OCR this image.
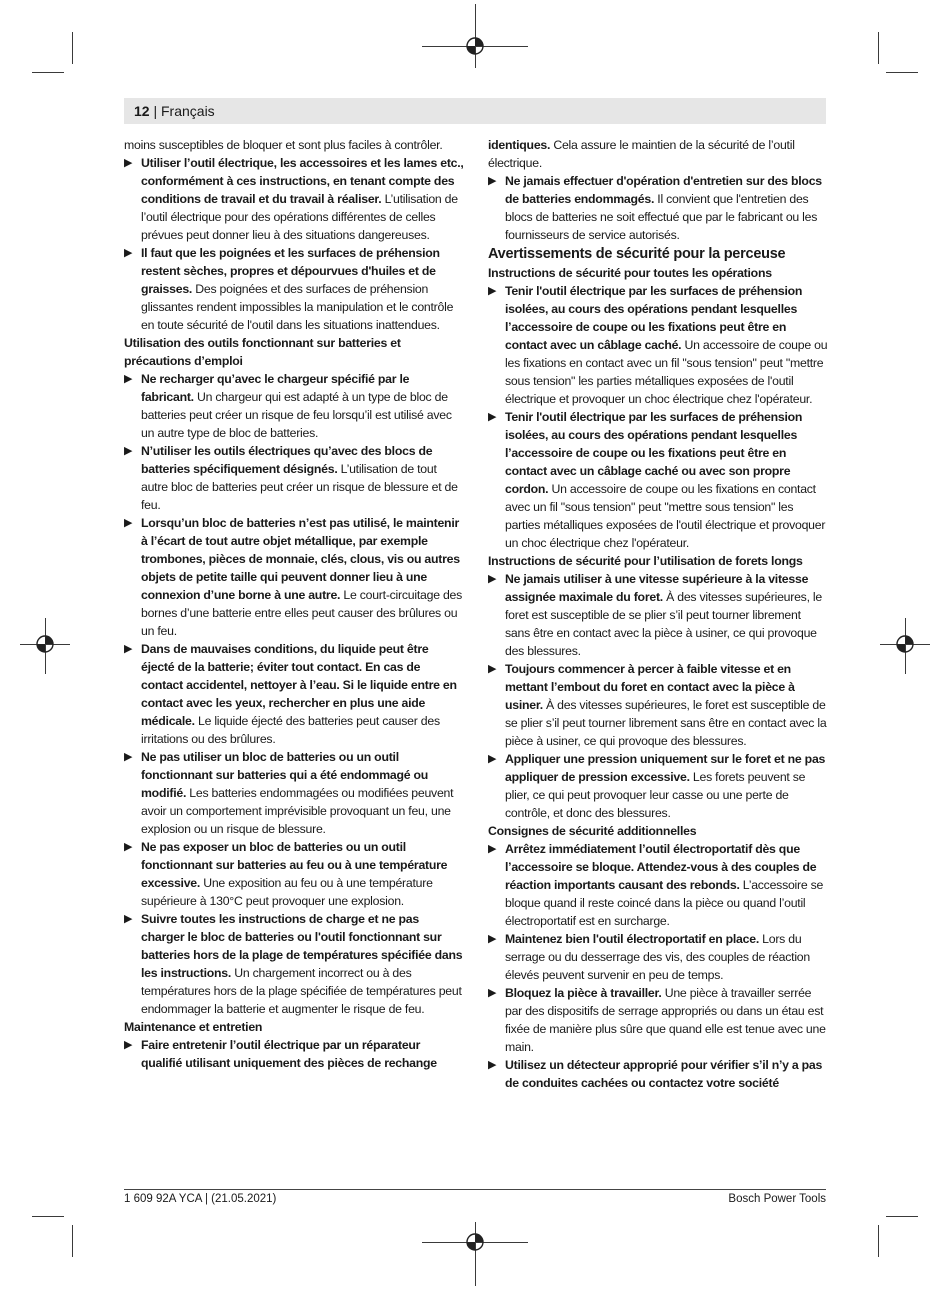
12 | Français

moins susceptibles de bloquer et sont plus faciles à contrôler.

▶ Utiliser l’outil électrique, les accessoires et les lames etc., conformément à ces instructions, en tenant compte des conditions de travail et du travail à réaliser. L’utilisation de l’outil électrique pour des opérations différentes de celles prévues peut donner lieu à des situations dangereuses.

▶ Il faut que les poignées et les surfaces de préhension restent sèches, propres et dépourvues d'huiles et de graisses. Des poignées et des surfaces de préhension glissantes rendent impossibles la manipulation et le contrôle en toute sécurité de l'outil dans les situations inattendues.

Utilisation des outils fonctionnant sur batteries et précautions d’emploi

▶ Ne recharger qu’avec le chargeur spécifié par le fabricant. Un chargeur qui est adapté à un type de bloc de batteries peut créer un risque de feu lorsqu’il est utilisé avec un autre type de bloc de batteries.

▶ N’utiliser les outils électriques qu’avec des blocs de batteries spécifiquement désignés. L’utilisation de tout autre bloc de batteries peut créer un risque de blessure et de feu.

▶ Lorsqu’un bloc de batteries n’est pas utilisé, le maintenir à l’écart de tout autre objet métallique, par exemple trombones, pièces de monnaie, clés, clous, vis ou autres objets de petite taille qui peuvent donner lieu à une connexion d’une borne à une autre. Le court-circuitage des bornes d’une batterie entre elles peut causer des brûlures ou un feu.

▶ Dans de mauvaises conditions, du liquide peut être éjecté de la batterie; éviter tout contact. En cas de contact accidentel, nettoyer à l’eau. Si le liquide entre en contact avec les yeux, rechercher en plus une aide médicale. Le liquide éjecté des batteries peut causer des irritations ou des brûlures.

▶ Ne pas utiliser un bloc de batteries ou un outil fonctionnant sur batteries qui a été endommagé ou modifié. Les batteries endommagées ou modifiées peuvent avoir un comportement imprévisible provoquant un feu, une explosion ou un risque de blessure.

▶ Ne pas exposer un bloc de batteries ou un outil fonctionnant sur batteries au feu ou à une température excessive. Une exposition au feu ou à une température supérieure à 130°C peut provoquer une explosion.

▶ Suivre toutes les instructions de charge et ne pas charger le bloc de batteries ou l'outil fonctionnant sur batteries hors de la plage de températures spécifiée dans les instructions. Un chargement incorrect ou à des températures hors de la plage spécifiée de températures peut endommager la batterie et augmenter le risque de feu.

Maintenance et entretien

▶ Faire entretenir l’outil électrique par un réparateur qualifié utilisant uniquement des pièces de rechange

identiques. Cela assure le maintien de la sécurité de l’outil électrique.

▶ Ne jamais effectuer d'opération d'entretien sur des blocs de batteries endommagés. Il convient que l'entretien des blocs de batteries ne soit effectué que par le fabricant ou les fournisseurs de service autorisés.

Avertissements de sécurité pour la perceuse

Instructions de sécurité pour toutes les opérations

▶ Tenir l'outil électrique par les surfaces de préhension isolées, au cours des opérations pendant lesquelles l’accessoire de coupe ou les fixations peut être en contact avec un câblage caché. Un accessoire de coupe ou les fixations en contact avec un fil "sous tension" peut "mettre sous tension" les parties métalliques exposées de l'outil électrique et provoquer un choc électrique chez l'opérateur.

▶ Tenir l'outil électrique par les surfaces de préhension isolées, au cours des opérations pendant lesquelles l’accessoire de coupe ou les fixations peut être en contact avec un câblage caché ou avec son propre cordon. Un accessoire de coupe ou les fixations en contact avec un fil "sous tension" peut "mettre sous tension" les parties métalliques exposées de l'outil électrique et provoquer un choc électrique chez l'opérateur.

Instructions de sécurité pour l’utilisation de forets longs

▶ Ne jamais utiliser à une vitesse supérieure à la vitesse assignée maximale du foret. À des vitesses supérieures, le foret est susceptible de se plier s’il peut tourner librement sans être en contact avec la pièce à usiner, ce qui provoque des blessures.

▶ Toujours commencer à percer à faible vitesse et en mettant l’embout du foret en contact avec la pièce à usiner. À des vitesses supérieures, le foret est susceptible de se plier s’il peut tourner librement sans être en contact avec la pièce à usiner, ce qui provoque des blessures.

▶ Appliquer une pression uniquement sur le foret et ne pas appliquer de pression excessive. Les forets peuvent se plier, ce qui peut provoquer leur casse ou une perte de contrôle, et donc des blessures.

Consignes de sécurité additionnelles

▶ Arrêtez immédiatement l’outil électroportatif dès que l’accessoire se bloque. Attendez-vous à des couples de réaction importants causant des rebonds. L’accessoire se bloque quand il reste coincé dans la pièce ou quand l’outil électroportatif est en surcharge.

▶ Maintenez bien l'outil électroportatif en place. Lors du serrage ou du desserrage des vis, des couples de réaction élevés peuvent survenir en peu de temps.

▶ Bloquez la pièce à travailler. Une pièce à travailler serrée par des dispositifs de serrage appropriés ou dans un étau est fixée de manière plus sûre que quand elle est tenue avec une main.

▶ Utilisez un détecteur approprié pour vérifier s’il n’y a pas de conduites cachées ou contactez votre société

1 609 92A YCA | (21.05.2021)	Bosch Power Tools
